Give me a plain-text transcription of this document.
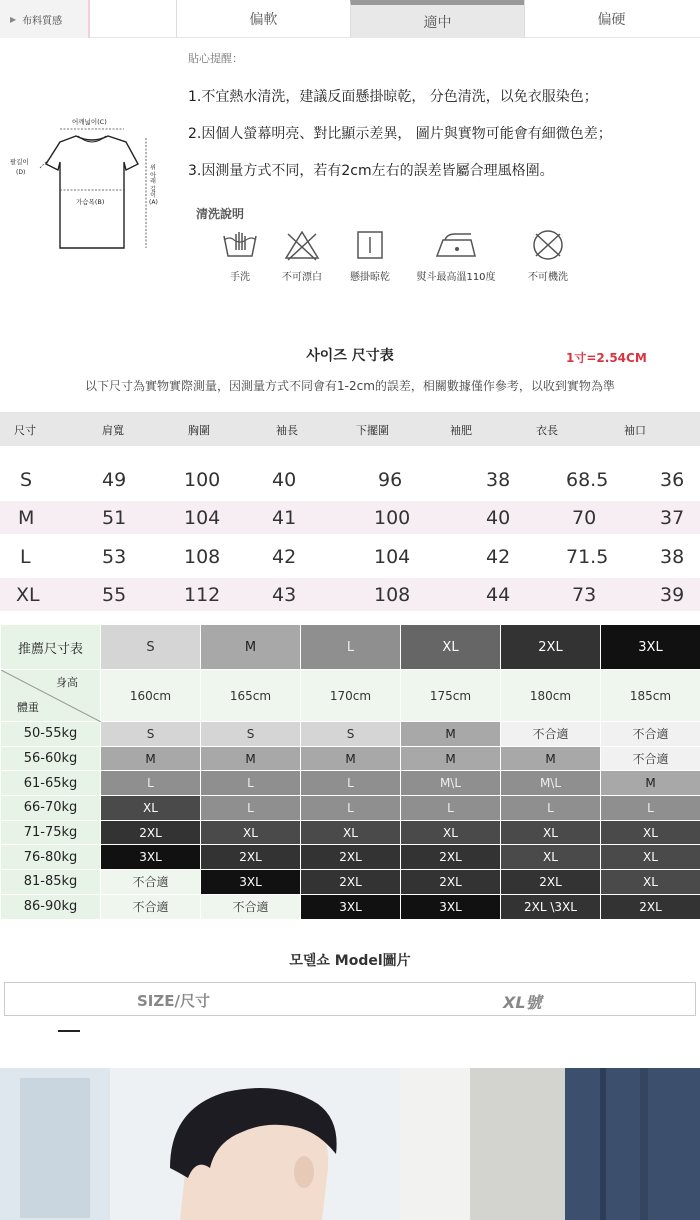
▶ 布料質感	偏軟	適中	偏硬
어깨넓이(C)
팔길이
(D)
가슴폭(B)
위 아래 길이
(A)
貼心提醒：
1.不宜熱水清洗，建議反面懸掛晾乾， 分色清洗，以免衣服染色；
2.因個人螢幕明亮、對比顯示差異， 圖片與實物可能會有細微色差；
3.因測量方式不同，若有2cm左右的誤差皆屬合理風格圍。
清洗說明
手洗	不可漂白	懸掛晾乾	熨斗最高溫110度	不可機洗
사이즈 尺寸表	1寸=2.54CM
以下尺寸為實物實際測量，因測量方式不同會有1-2cm的誤差，相關數據僅作參考，以收到實物為準
尺寸	肩寬	胸圍	袖長	下擺圍	袖肥	衣長	袖口
S	49	100	40	96	38	68.5	36
M	51	104	41	100	40	70	37
L	53	108	42	104	42	71.5	38
XL	55	112	43	108	44	73	39
推薦尺寸表	S	M	L	XL	2XL	3XL

身高
體重	160cm	165cm	170cm	175cm	180cm	185cm
50-55kg	S	S	S	M	不合適	不合適
56-60kg	M	M	M	M	M	不合適
61-65kg	L	L	L	M\L	M\L	M
66-70kg	XL	L	L	L	L	L
71-75kg	2XL	XL	XL	XL	XL	XL
76-80kg	3XL	2XL	2XL	2XL	XL	XL
81-85kg	不合適	3XL	2XL	2XL	2XL	XL
86-90kg	不合適	不合適	3XL	3XL	2XL \3XL	2XL
모델쇼 Model圖片
SIZE/尺寸	XL號
